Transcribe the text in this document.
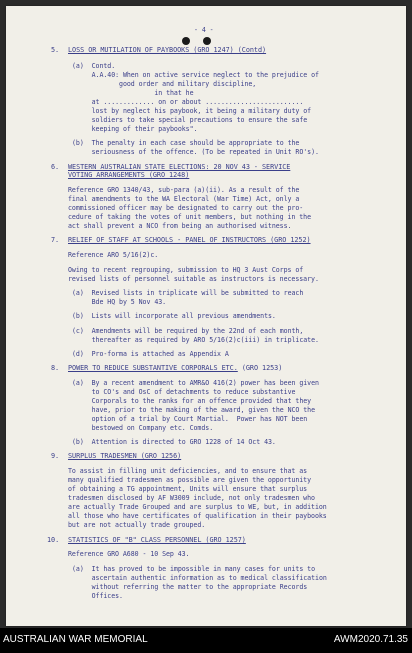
- 4 -
5. LOSS OR MUTILATION OF PAYBOOKS (GRO 1247) (Contd)
(a)  Contd.
A.A.40: When on active service neglect to the prejudice of
good order and military discipline,
in that he
at ............. on or about .........................
lost by neglect his paybook, it being a military duty of
soldiers to take special precautions to ensure the safe
keeping of their paybooks".
(b)  The penalty in each case should be appropriate to the
seriousness of the offence. (To be repeated in Unit RO's).
6. WESTERN AUSTRALIAN STATE ELECTIONS: 20 NOV 43 - SERVICE
VOTING ARRANGEMENTS (GRO 1248)
Reference GRO 1340/43, sub-para (a)(ii). As a result of the
final amendments to the WA Electoral (War Time) Act, only a
commissioned officer may be designated to carry out the pro-
cedure of taking the votes of unit members, but nothing in the
act shall prevent a NCO from being an authorised witness.
7. RELIEF OF STAFF AT SCHOOLS - PANEL OF INSTRUCTORS (GRO 1252)
Reference ARO 5/16(2)c.
Owing to recent regrouping, submission to HQ 3 Aust Corps of
revised lists of personnel suitable as instructors is necessary.
(a)  Revised lists in triplicate will be submitted to reach
Bde HQ by 5 Nov 43.
(b)  Lists will incorporate all previous amendments.
(c)  Amendments will be required by the 22nd of each month,
thereafter as required by ARO 5/16(2)c(iii) in triplicate.
(d)  Pro-forma is attached as Appendix A
8. POWER TO REDUCE SUBSTANTIVE CORPORALS ETC. (GRO 1253)
(a)  By a recent amendment to AMR&O 416(2) power has been given
to CO's and OsC of detachments to reduce substantive
Corporals to the ranks for an offence provided that they
have, prior to the making of the award, given the NCO the
option of a trial by Court Martial.  Power has NOT been
bestowed on Company etc. Comds.
(b)  Attention is directed to GRO 1228 of 14 Oct 43.
9. SURPLUS TRADESMEN (GRO 1256)
To assist in filling unit deficiencies, and to ensure that as
many qualified tradesmen as possible are given the opportunity
of obtaining a TG appointment, Units will ensure that surplus
tradesmen disclosed by AF W3009 include, not only tradesmen who
are actually Trade Grouped and are surplus to WE, but, in addition
all those who have certificates of qualification in their paybooks
but are not actually trade grouped.
10. STATISTICS OF "B" CLASS PERSONNEL (GRO 1257)
Reference GRO A680 - 10 Sep 43.
(a)  It has proved to be impossible in many cases for units to
ascertain authentic information as to medical classification
without referring the matter to the appropriate Records
Offices.
AUSTRALIAN WAR MEMORIAL	AWM2020.71.35
